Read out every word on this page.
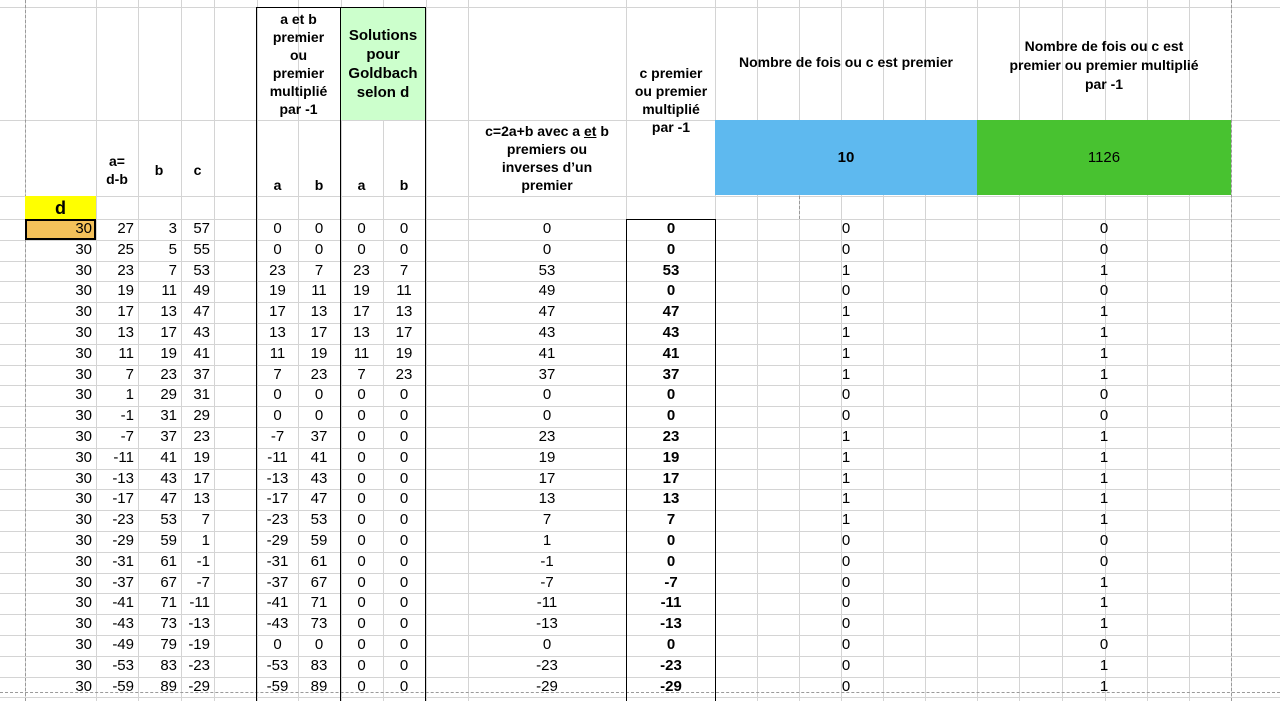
a et b
premier
ou
premier
multiplié
par -1
Solutions
pour
Goldbach
selon d
c premier
ou premier
multiplié
par -1
Nombre de fois ou c est premier
Nombre de fois ou c est
premier ou premier multiplié
par -1
a=
d-b
b	c
a	b	a	b
c=2a+b avec a et b
premiers ou
inverses d’un
premier
d
10	1126
30	27	3	57	0	0	0	0	0	0	0	0
30	25	5	55	0	0	0	0	0	0	0	0
30	23	7	53	23	7	23	7	53	53	1	1
30	19	11	49	19	11	19	11	49	0	0	0
30	17	13	47	17	13	17	13	47	47	1	1
30	13	17	43	13	17	13	17	43	43	1	1
30	11	19	41	11	19	11	19	41	41	1	1
30	7	23	37	7	23	7	23	37	37	1	1
30	1	29	31	0	0	0	0	0	0	0	0
30	-1	31	29	0	0	0	0	0	0	0	0
30	-7	37	23	-7	37	0	0	23	23	1	1
30	-11	41	19	-11	41	0	0	19	19	1	1
30	-13	43	17	-13	43	0	0	17	17	1	1
30	-17	47	13	-17	47	0	0	13	13	1	1
30	-23	53	7	-23	53	0	0	7	7	1	1
30	-29	59	1	-29	59	0	0	1	0	0	0
30	-31	61	-1	-31	61	0	0	-1	0	0	0
30	-37	67	-7	-37	67	0	0	-7	-7	0	1
30	-41	71 -11	-41	71	0	0	-11	-11	0	1
30	-43	73 -13	-43	73	0	0	-13	-13	0	1
30	-49	79 -19	0	0	0	0	0	0	0	0
30	-53	83 -23	-53	83	0	0	-23	-23	0	1
30	-59	89 -29	-59	89	0	0	-29	-29	0	1
